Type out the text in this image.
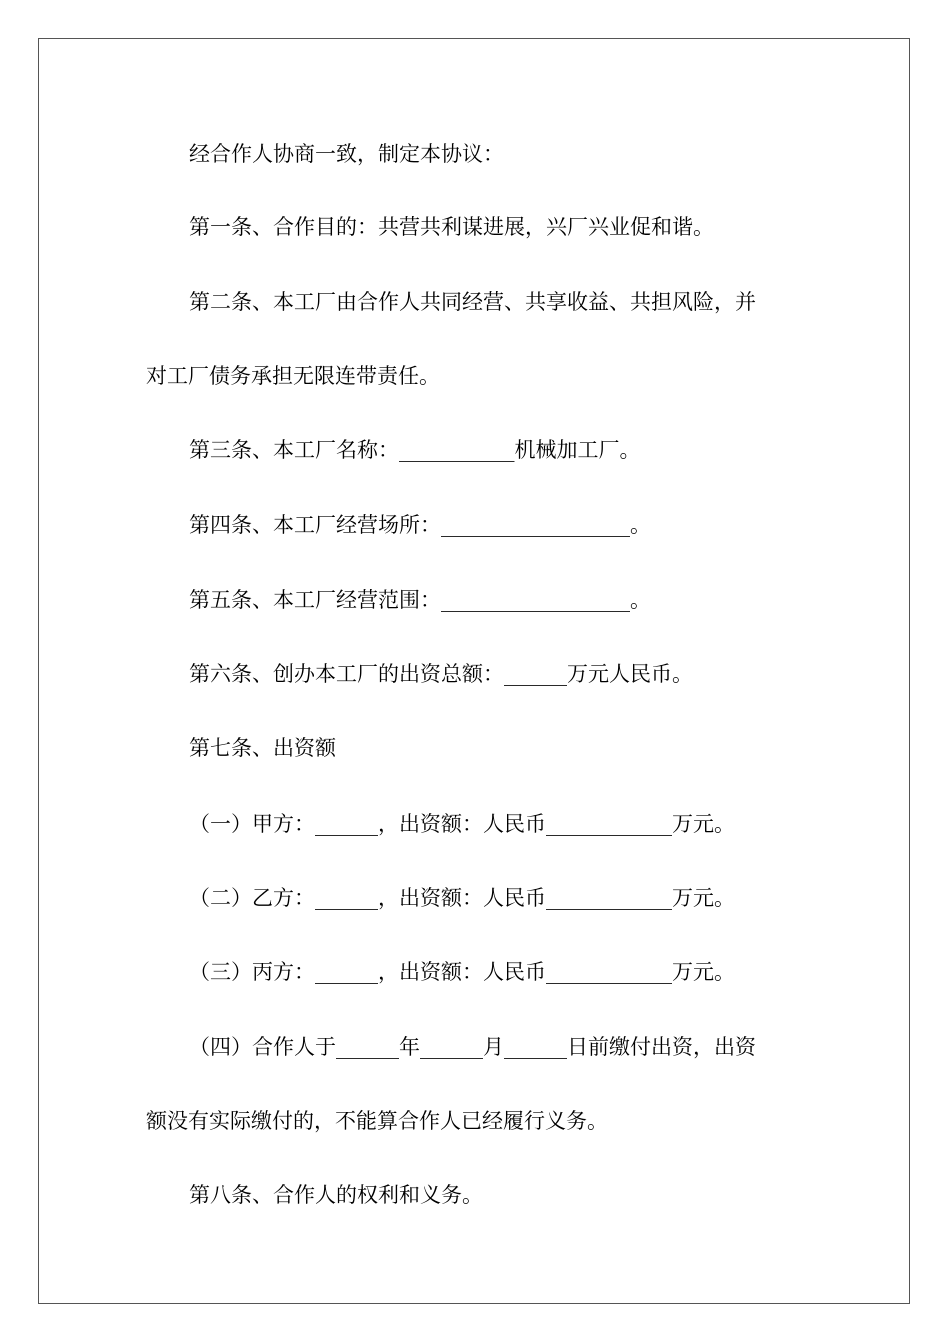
经合作人协商一致，制定本协议：
第一条、合作目的：共营共利谋进展，兴厂兴业促和谐。
第二条、本工厂由合作人共同经营、共享收益、共担风险，并
对工厂债务承担无限连带责任。
第三条、本工厂名称：___________机械加工厂。
第四条、本工厂经营场所：__________________。
第五条、本工厂经营范围：__________________。
第六条、创办本工厂的出资总额：______万元人民币。
第七条、出资额
（一）甲方：______，出资额：人民币____________万元。
（二）乙方：______，出资额：人民币____________万元。
（三）丙方：______，出资额：人民币____________万元。
（四）合作人于______年______月______日前缴付出资，出资
额没有实际缴付的，不能算合作人已经履行义务。
第八条、合作人的权利和义务。
